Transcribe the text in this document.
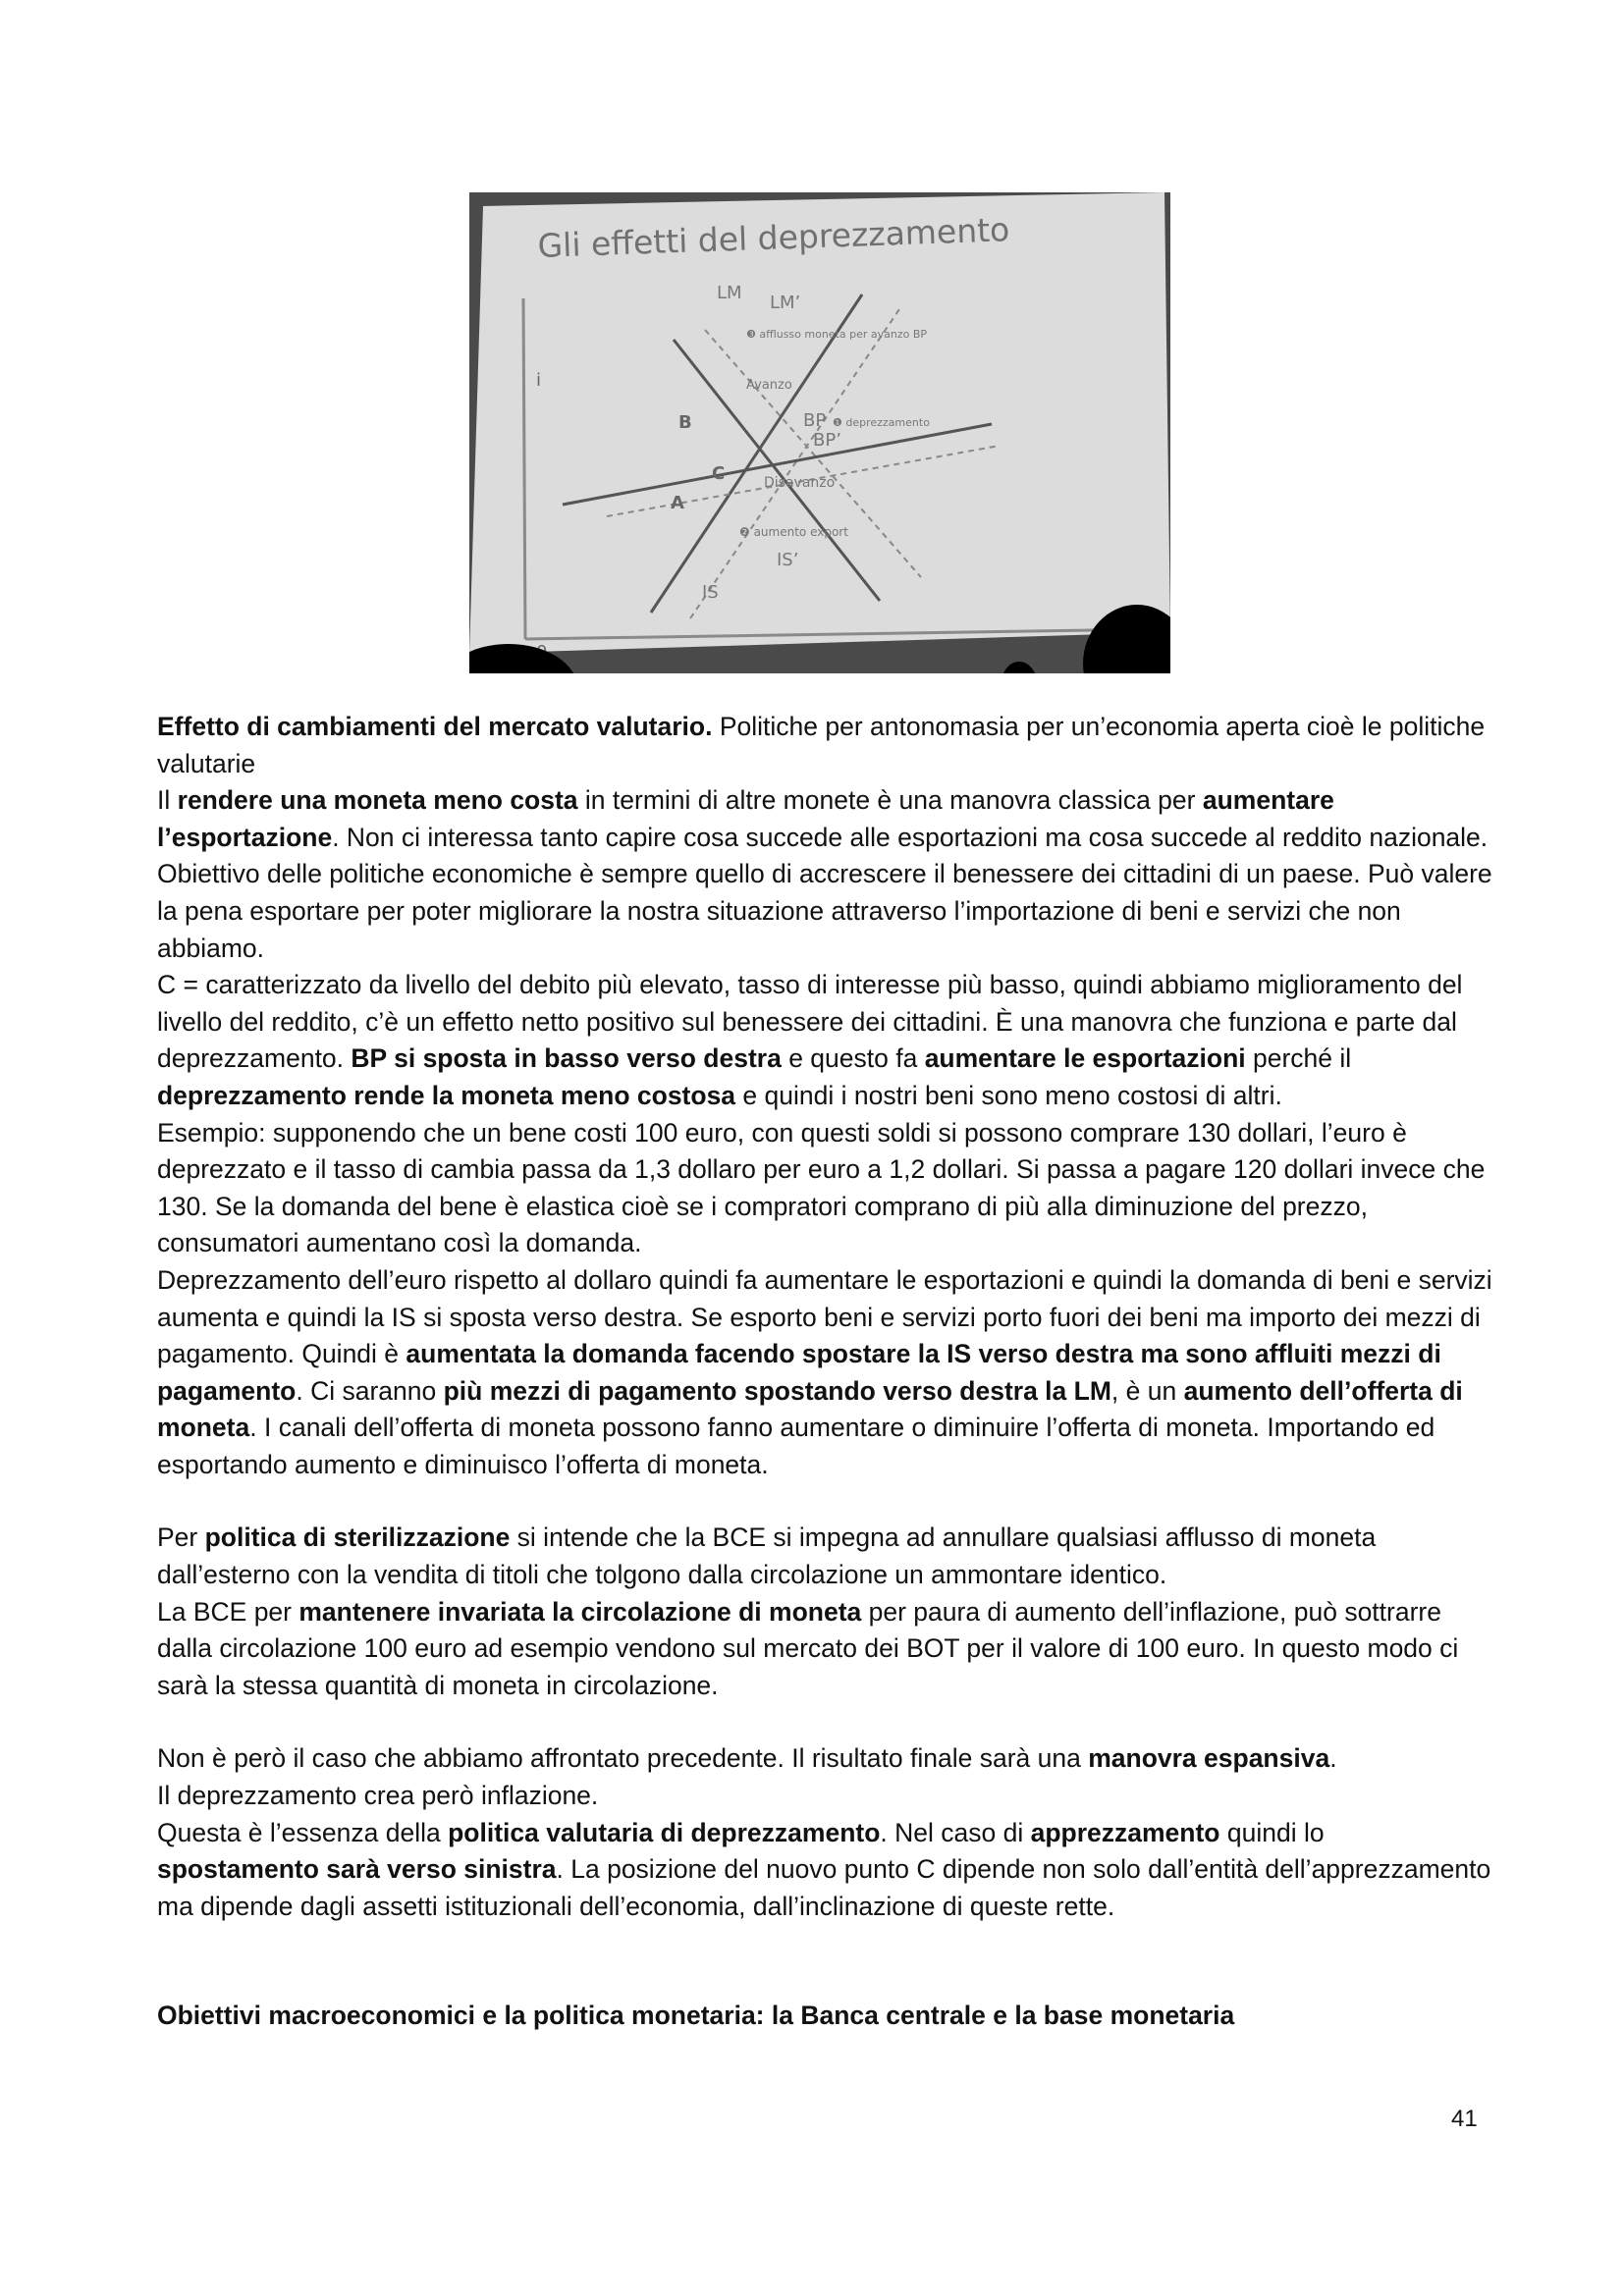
Gli effetti del deprezzamento
i
LM LM’
❸ afflusso moneta per avanzo BP
Avanzo
BP ❶ deprezzamento
BP’
Disavanzo
❷ aumento export
IS
IS’
A
B
C

Effetto di cambiamenti del mercato valutario. Politiche per antonomasia per un’economia aperta cioè le politiche valutarie

Il rendere una moneta meno costa in termini di altre monete è una manovra classica per aumentare l’esportazione. Non ci interessa tanto capire cosa succede alle esportazioni ma cosa succede al reddito nazionale. Obiettivo delle politiche economiche è sempre quello di accrescere il benessere dei cittadini di un paese. Può valere la pena esportare per poter migliorare la nostra situazione attraverso l’importazione di beni e servizi che non abbiamo.

C = caratterizzato da livello del debito più elevato, tasso di interesse più basso, quindi abbiamo miglioramento del livello del reddito, c’è un effetto netto positivo sul benessere dei cittadini. È una manovra che funziona e parte dal deprezzamento. BP si sposta in basso verso destra e questo fa aumentare le esportazioni perché il deprezzamento rende la moneta meno costosa e quindi i nostri beni sono meno costosi di altri.

Esempio: supponendo che un bene costi 100 euro, con questi soldi si possono comprare 130 dollari, l’euro è deprezzato e il tasso di cambia passa da 1,3 dollaro per euro a 1,2 dollari. Si passa a pagare 120 dollari invece che 130. Se la domanda del bene è elastica cioè se i compratori comprano di più alla diminuzione del prezzo, consumatori aumentano così la domanda.

Deprezzamento dell’euro rispetto al dollaro quindi fa aumentare le esportazioni e quindi la domanda di beni e servizi aumenta e quindi la IS si sposta verso destra. Se esporto beni e servizi porto fuori dei beni ma importo dei mezzi di pagamento. Quindi è aumentata la domanda facendo spostare la IS verso destra ma sono affluiti mezzi di pagamento. Ci saranno più mezzi di pagamento spostando verso destra la LM, è un aumento dell’offerta di moneta. I canali dell’offerta di moneta possono fanno aumentare o diminuire l’offerta di moneta. Importando ed esportando aumento e diminuisco l’offerta di moneta.

Per politica di sterilizzazione si intende che la BCE si impegna ad annullare qualsiasi afflusso di moneta dall’esterno con la vendita di titoli che tolgono dalla circolazione un ammontare identico.

La BCE per mantenere invariata la circolazione di moneta per paura di aumento dell’inflazione, può sottrarre dalla circolazione 100 euro ad esempio vendono sul mercato dei BOT per il valore di 100 euro. In questo modo ci sarà la stessa quantità di moneta in circolazione.

Non è però il caso che abbiamo affrontato precedente. Il risultato finale sarà una manovra espansiva.

Il deprezzamento crea però inflazione.

Questa è l’essenza della politica valutaria di deprezzamento. Nel caso di apprezzamento quindi lo spostamento sarà verso sinistra. La posizione del nuovo punto C dipende non solo dall’entità dell’apprezzamento ma dipende dagli assetti istituzionali dell’economia, dall’inclinazione di queste rette.

Obiettivi macroeconomici e la politica monetaria: la Banca centrale e la base monetaria

41
